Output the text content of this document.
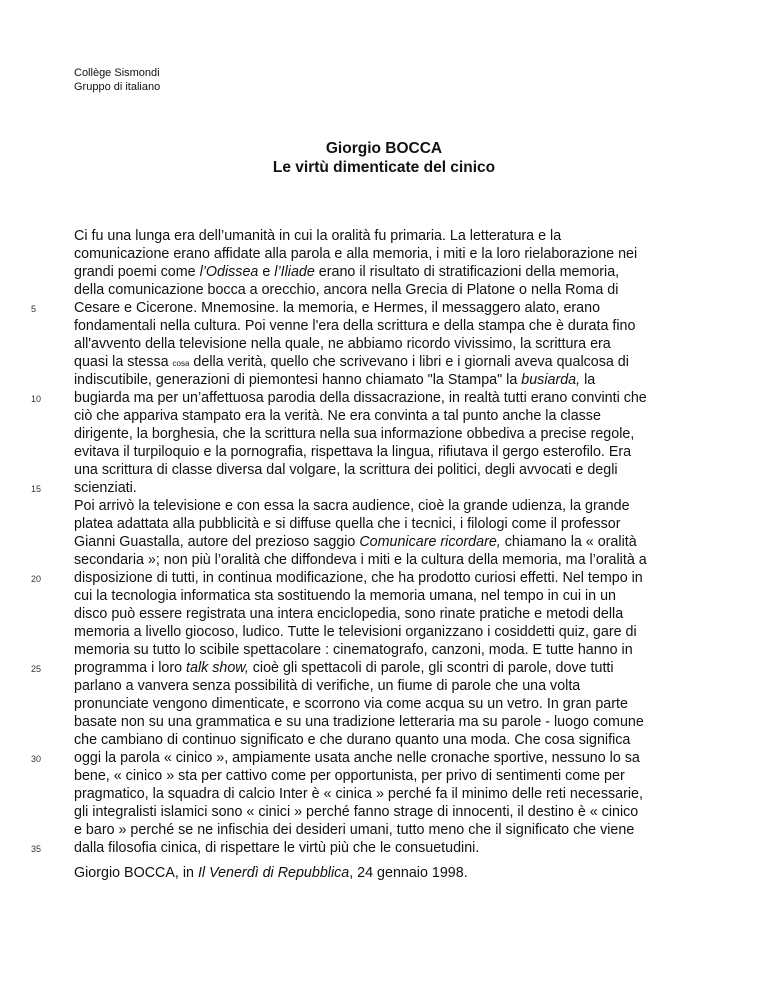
Collège Sismondi
Gruppo di italiano
Giorgio BOCCA
Le virtù dimenticate del cinico
Ci fu una lunga era dell’umanità in cui la oralità fu primaria. La letteratura e la
comunicazione erano affidate alla parola e alla memoria, i miti e la loro rielaborazione nei
grandi poemi come l’Odissea e l’Iliade erano il risultato di stratificazioni della memoria,
della comunicazione bocca a orecchio, ancora nella Grecia di Platone o nella Roma di
Cesare e Cicerone. Mnemosine. la memoria, e Hermes, il messaggero alato, erano
fondamentali nella cultura. Poi venne l'era della scrittura e della stampa che è durata fino
all'avvento della televisione nella quale, ne abbiamo ricordo vivissimo, la scrittura era
quasi la stessa cosa della verità, quello che scrivevano i libri e i giornali aveva qualcosa di
indiscutibile, generazioni di piemontesi hanno chiamato "la Stampa" la busiarda, la
bugiarda ma per un’affettuosa parodia della dissacrazione, in realtà tutti erano convinti che
ciò che appariva stampato era la verità. Ne era convinta a tal punto anche la classe
dirigente, la borghesia, che la scrittura nella sua informazione obbediva a precise regole,
evitava il turpiloquio e la pornografia, rispettava la lingua, rifiutava il gergo esterofilo. Era
una scrittura di classe diversa dal volgare, la scrittura dei politici, degli avvocati e degli
scienziati.
Poi arrivò la televisione e con essa la sacra audience, cioè la grande udienza, la grande
platea adattata alla pubblicità e si diffuse quella che i tecnici, i filologi come il professor
Gianni Guastalla, autore del prezioso saggio Comunicare ricordare, chiamano la « oralità
secondaria »; non più l’oralità che diffondeva i miti e la cultura della memoria, ma l’oralità a
disposizione di tutti, in continua modificazione, che ha prodotto curiosi effetti. Nel tempo in
cui la tecnologia informatica sta sostituendo la memoria umana, nel tempo in cui in un
disco può essere registrata una intera enciclopedia, sono rinate pratiche e metodi della
memoria a livello giocoso, ludico. Tutte le televisioni organizzano i cosiddetti quiz, gare di
memoria su tutto lo scibile spettacolare : cinematografo, canzoni, moda. E tutte hanno in
programma i loro talk show, cioè gli spettacoli di parole, gli scontri di parole, dove tutti
parlano a vanvera senza possibilità di verifiche, un fiume di parole che una volta
pronunciate vengono dimenticate, e scorrono via come acqua su un vetro. In gran parte
basate non su una grammatica e su una tradizione letteraria ma su parole - luogo comune
che cambiano di continuo significato e che durano quanto una moda. Che cosa significa
oggi la parola « cinico », ampiamente usata anche nelle cronache sportive, nessuno lo sa
bene, « cinico » sta per cattivo come per opportunista, per privo di sentimenti come per
pragmatico, la squadra di calcio Inter è « cinica » perché fa il minimo delle reti necessarie,
gli integralisti islamici sono « cinici » perché fanno strage di innocenti, il destino è « cinico
e baro » perché se ne infischia dei desideri umani, tutto meno che il significato che viene
dalla filosofia cinica, di rispettare le virtù più che le consuetudini.
5
10
15
20
25
30
35
Giorgio BOCCA, in Il Venerdì di Repubblica, 24 gennaio 1998.
